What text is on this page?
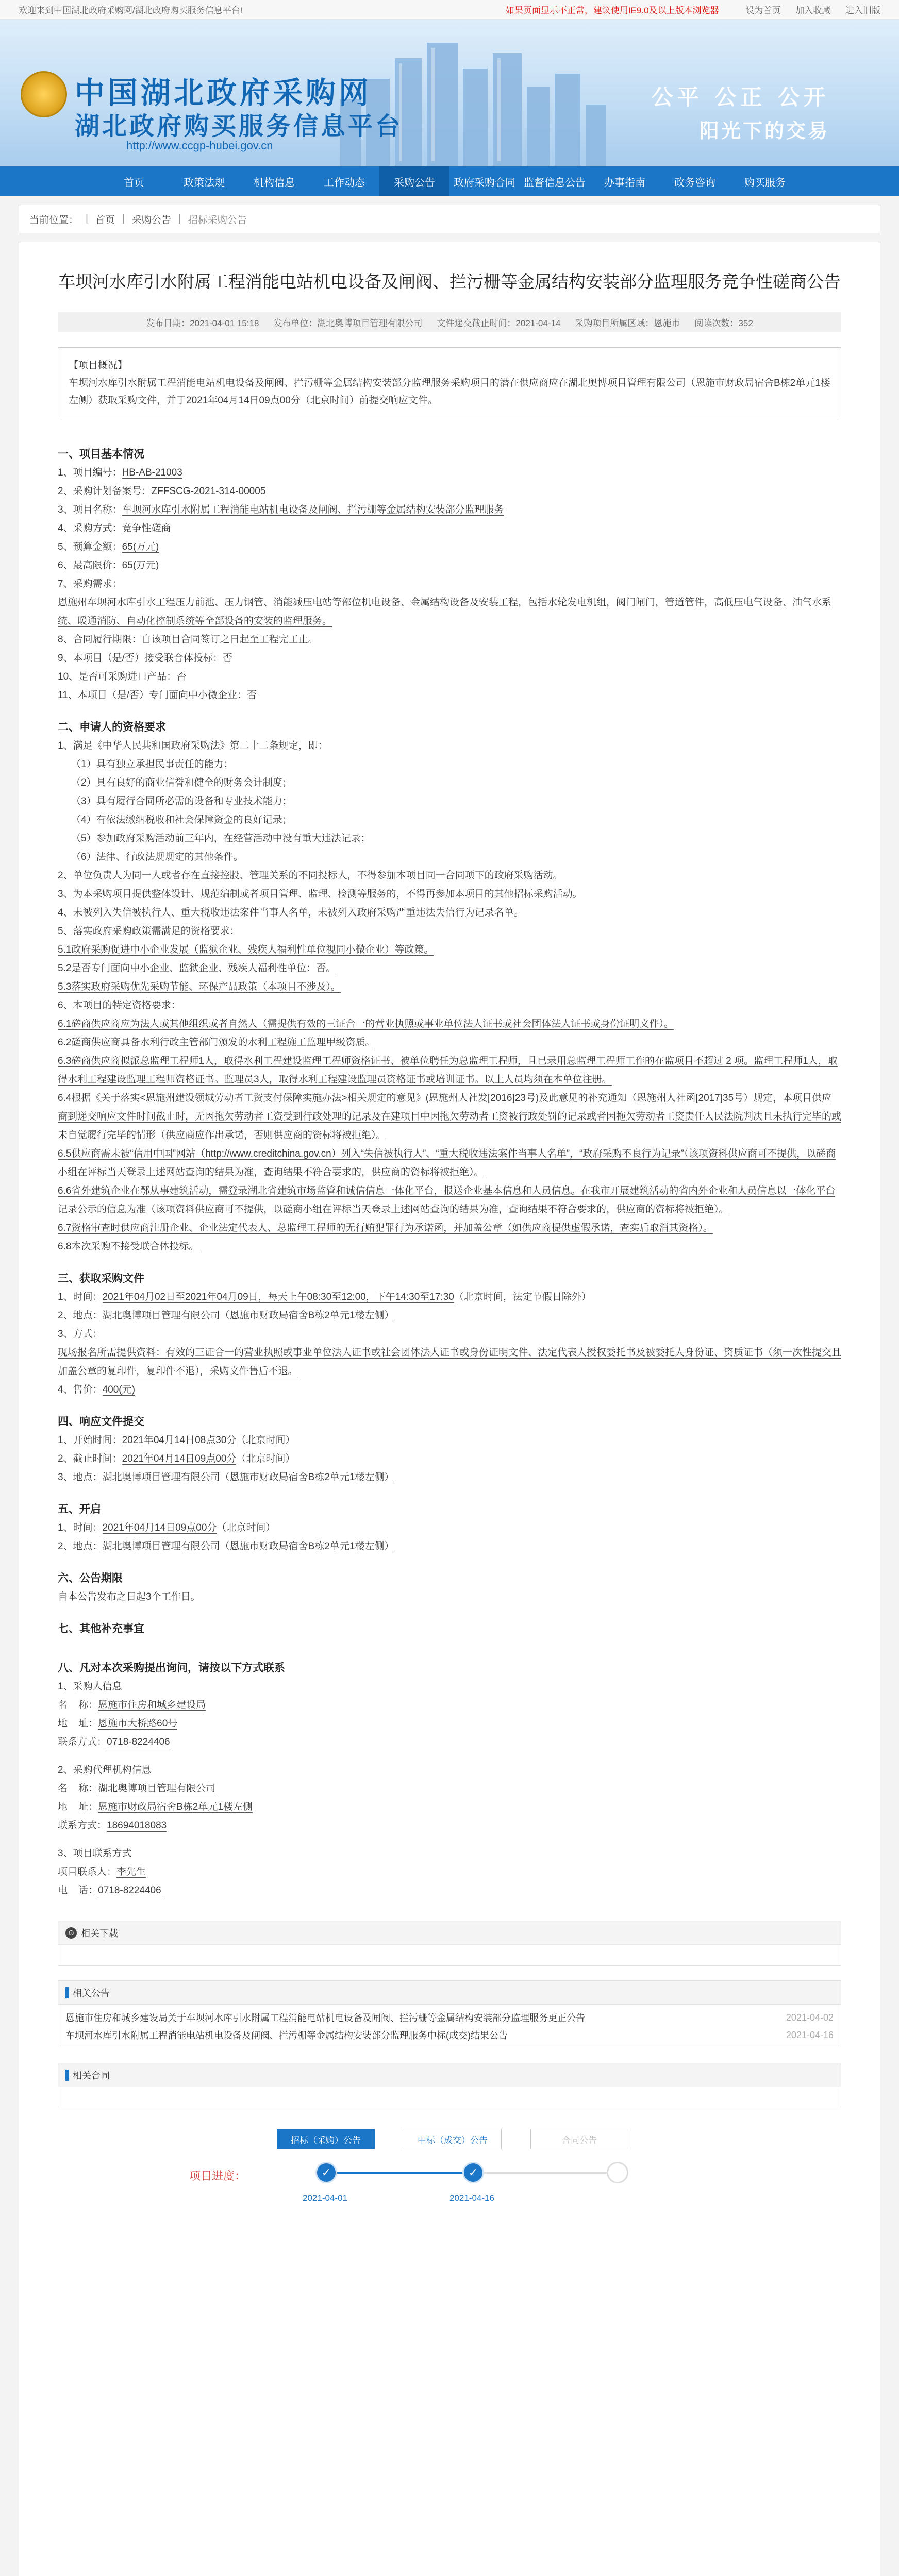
欢迎来到中国湖北政府采购网/湖北政府购买服务信息平台!	如果页面显示不正常，建议使用IE9.0及以上版本浏览器	设为首页 加入收藏 进入旧版
中国湖北政府采购网
湖北政府购买服务信息平台
http://www.ccgp-hubei.gov.cn
公平 公正 公开
阳光下的交易
首页	政策法规	机构信息	工作动态	采购公告	政府采购合同 监督信息公告	办事指南	政务咨询	购买服务
当前位置： | 首页 | 采购公告 | 招标采购公告
车坝河水库引水附属工程消能电站机电设备及闸阀、拦污栅等金属结构安装部分监理服务竞争性磋商公告
发布日期：2021-04-01 15:18 发布单位：湖北奥博项目管理有限公司 文件递交截止时间：2021-04-14 采购项目所属区域：恩施市 阅读次数：352
【项目概况】
车坝河水库引水附属工程消能电站机电设备及闸阀、拦污栅等金属结构安装部分监理服务采购项目的潜在供应商应在湖北奥博项目管理有限公司（恩施市财政局宿舍B栋2单元1楼左侧）获取采购文件，并于2021年04月14日09点00分（北京时间）前提交响应文件。
一、项目基本情况

1、项目编号：HB-AB-21003

2、采购计划备案号：ZFFSCG-2021-314-00005

3、项目名称：车坝河水库引水附属工程消能电站机电设备及闸阀、拦污栅等金属结构安装部分监理服务

4、采购方式：竞争性磋商

5、预算金额：65(万元)

6、最高限价：65(万元)

7、采购需求：

恩施州车坝河水库引水工程压力前池、压力钢管、消能减压电站等部位机电设备、金属结构设备及安装工程，包括水轮发电机组，阀门闸门，管道管件，高低压电气设备、油气水系统、暖通消防、自动化控制系统等全部设备的安装的监理服务。

8、合同履行期限：自该项目合同签订之日起至工程完工止。

9、本项目（是/否）接受联合体投标：否

10、是否可采购进口产品：否

11、本项目（是/否）专门面向中小微企业：否

二、申请人的资格要求

1、满足《中华人民共和国政府采购法》第二十二条规定，即：

（1）具有独立承担民事责任的能力；

（2）具有良好的商业信誉和健全的财务会计制度；

（3）具有履行合同所必需的设备和专业技术能力；

（4）有依法缴纳税收和社会保障资金的良好记录；

（5）参加政府采购活动前三年内，在经营活动中没有重大违法记录；

（6）法律、行政法规规定的其他条件。

2、单位负责人为同一人或者存在直接控股、管理关系的不同投标人，不得参加本项目同一合同项下的政府采购活动。

3、为本采购项目提供整体设计、规范编制或者项目管理、监理、检测等服务的，不得再参加本项目的其他招标采购活动。

4、未被列入失信被执行人、重大税收违法案件当事人名单，未被列入政府采购严重违法失信行为记录名单。

5、落实政府采购政策需满足的资格要求：

5.1政府采购促进中小企业发展（监狱企业、残疾人福利性单位视同小微企业）等政策。

5.2是否专门面向中小企业、监狱企业、残疾人福利性单位：否。

5.3落实政府采购优先采购节能、环保产品政策（本项目不涉及）。

6、本项目的特定资格要求：

6.1磋商供应商应为法人或其他组织或者自然人（需提供有效的三证合一的营业执照或事业单位法人证书或社会团体法人证书或身份证明文件）。

6.2磋商供应商具备水利行政主管部门颁发的水利工程施工监理甲级资质。

6.3磋商供应商拟派总监理工程师1人，取得水利工程建设监理工程师资格证书、被单位聘任为总监理工程师，且已录用总监理工程师工作的在监项目不超过 2 项。监理工程师1人，取得水利工程建设监理工程师资格证书。监理员3人，取得水利工程建设监理员资格证书或培训证书。以上人员均须在本单位注册。

6.4根据《关于落实<恩施州建设领域劳动者工资支付保障实施办法>相关规定的意见》(恩施州人社发[2016]23号)及此意见的补充通知（恩施州人社函[2017]35号）规定，本项目供应商到递交响应文件时间截止时，无因拖欠劳动者工资受到行政处理的记录及在建项目中因拖欠劳动者工资被行政处罚的记录或者因拖欠劳动者工资责任人民法院判决且未执行完毕的或未自觉履行完毕的情形（供应商应作出承诺，否则供应商的资标将被拒绝）。

6.5供应商需未被“信用中国”网站（http://www.creditchina.gov.cn）列入“失信被执行人”、“重大税收违法案件当事人名单”，“政府采购不良行为记录”（该项资料供应商可不提供，以磋商小组在评标当天登录上述网站查询的结果为准，查询结果不符合要求的，供应商的资标将被拒绝）。

6.6省外建筑企业在鄂从事建筑活动，需登录湖北省建筑市场监管和诚信信息一体化平台，报送企业基本信息和人员信息。在我市开展建筑活动的省内外企业和人员信息以一体化平台记录公示的信息为准（该项资料供应商可不提供，以磋商小组在评标当天登录上述网站查询的结果为准，查询结果不符合要求的，供应商的资标将被拒绝）。

6.7资格审查时供应商注册企业、企业法定代表人、总监理工程师的无行贿犯罪行为承诺函，并加盖公章（如供应商提供虚假承诺，查实后取消其资格）。

6.8本次采购不接受联合体投标。

三、获取采购文件

1、时间：2021年04月02日至2021年04月09日，每天上午08:30至12:00，下午14:30至17:30（北京时间，法定节假日除外）

2、地点：湖北奥博项目管理有限公司（恩施市财政局宿舍B栋2单元1楼左侧）

3、方式：

现场报名所需提供资料：有效的三证合一的营业执照或事业单位法人证书或社会团体法人证书或身份证明文件、法定代表人授权委托书及被委托人身份证、资质证书（须一次性提交且加盖公章的复印件，复印件不退），采购文件售后不退。

4、售价：400(元)

四、响应文件提交

1、开始时间：2021年04月14日08点30分（北京时间）

2、截止时间：2021年04月14日09点00分（北京时间）

3、地点：湖北奥博项目管理有限公司（恩施市财政局宿舍B栋2单元1楼左侧）

五、开启

1、时间：2021年04月14日09点00分（北京时间）

2、地点：湖北奥博项目管理有限公司（恩施市财政局宿舍B栋2单元1楼左侧）

六、公告期限

自本公告发布之日起3个工作日。

七、其他补充事宜
八、凡对本次采购提出询问，请按以下方式联系

1、采购人信息

名    称：恩施市住房和城乡建设局

地    址：恩施市大桥路60号

联系方式：0718-8224406

2、采购代理机构信息

名    称：湖北奥博项目管理有限公司

地    址：恩施市财政局宿舍B栋2单元1楼左侧

联系方式：18694018083

3、项目联系方式

项目联系人：李先生

电    话：0718-8224406

⊙ 相关下载
相关公告
恩施市住房和城乡建设局关于车坝河水库引水附属工程消能电站机电设备及闸阀、拦污栅等金属结构安装部分监理服务更正公告	2021-04-02
车坝河水库引水附属工程消能电站机电设备及闸阀、拦污栅等金属结构安装部分监理服务中标(成交)结果公告	2021-04-16
相关合同
项目进度：
招标（采购）公告	中标（成交）公告	合同公告
✓	✓
2021-04-01	2021-04-16
